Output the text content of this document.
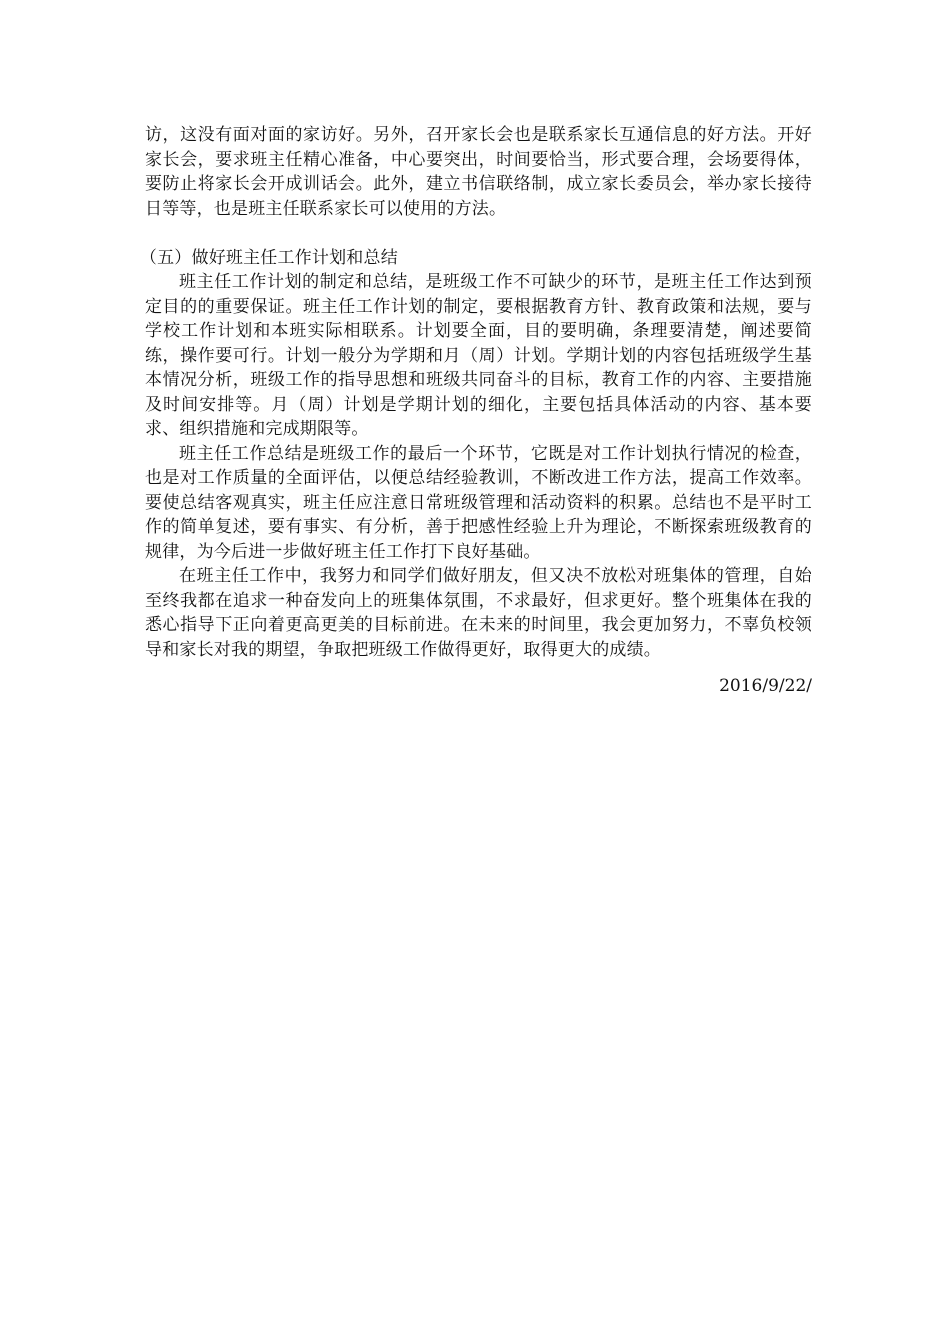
访，这没有面对面的家访好。另外，召开家长会也是联系家长互通信息的好方法。开好家长会，要求班主任精心准备，中心要突出，时间要恰当，形式要合理，会场要得体，要防止将家长会开成训话会。此外，建立书信联络制，成立家长委员会，举办家长接待日等等，也是班主任联系家长可以使用的方法。

（五）做好班主任工作计划和总结

班主任工作计划的制定和总结，是班级工作不可缺少的环节，是班主任工作达到预定目的的重要保证。班主任工作计划的制定，要根据教育方针、教育政策和法规，要与学校工作计划和本班实际相联系。计划要全面，目的要明确，条理要清楚，阐述要简练，操作要可行。计划一般分为学期和月（周）计划。学期计划的内容包括班级学生基本情况分析，班级工作的指导思想和班级共同奋斗的目标，教育工作的内容、主要措施及时间安排等。月（周）计划是学期计划的细化，主要包括具体活动的内容、基本要求、组织措施和完成期限等。

班主任工作总结是班级工作的最后一个环节，它既是对工作计划执行情况的检查，也是对工作质量的全面评估，以便总结经验教训，不断改进工作方法，提高工作效率。要使总结客观真实，班主任应注意日常班级管理和活动资料的积累。总结也不是平时工作的简单复述，要有事实、有分析，善于把感性经验上升为理论，不断探索班级教育的规律，为今后进一步做好班主任工作打下良好基础。

在班主任工作中，我努力和同学们做好朋友，但又决不放松对班集体的管理，自始至终我都在追求一种奋发向上的班集体氛围，不求最好，但求更好。整个班集体在我的悉心指导下正向着更高更美的目标前进。在未来的时间里，我会更加努力，不辜负校领导和家长对我的期望，争取把班级工作做得更好，取得更大的成绩。

2016/9/22/
